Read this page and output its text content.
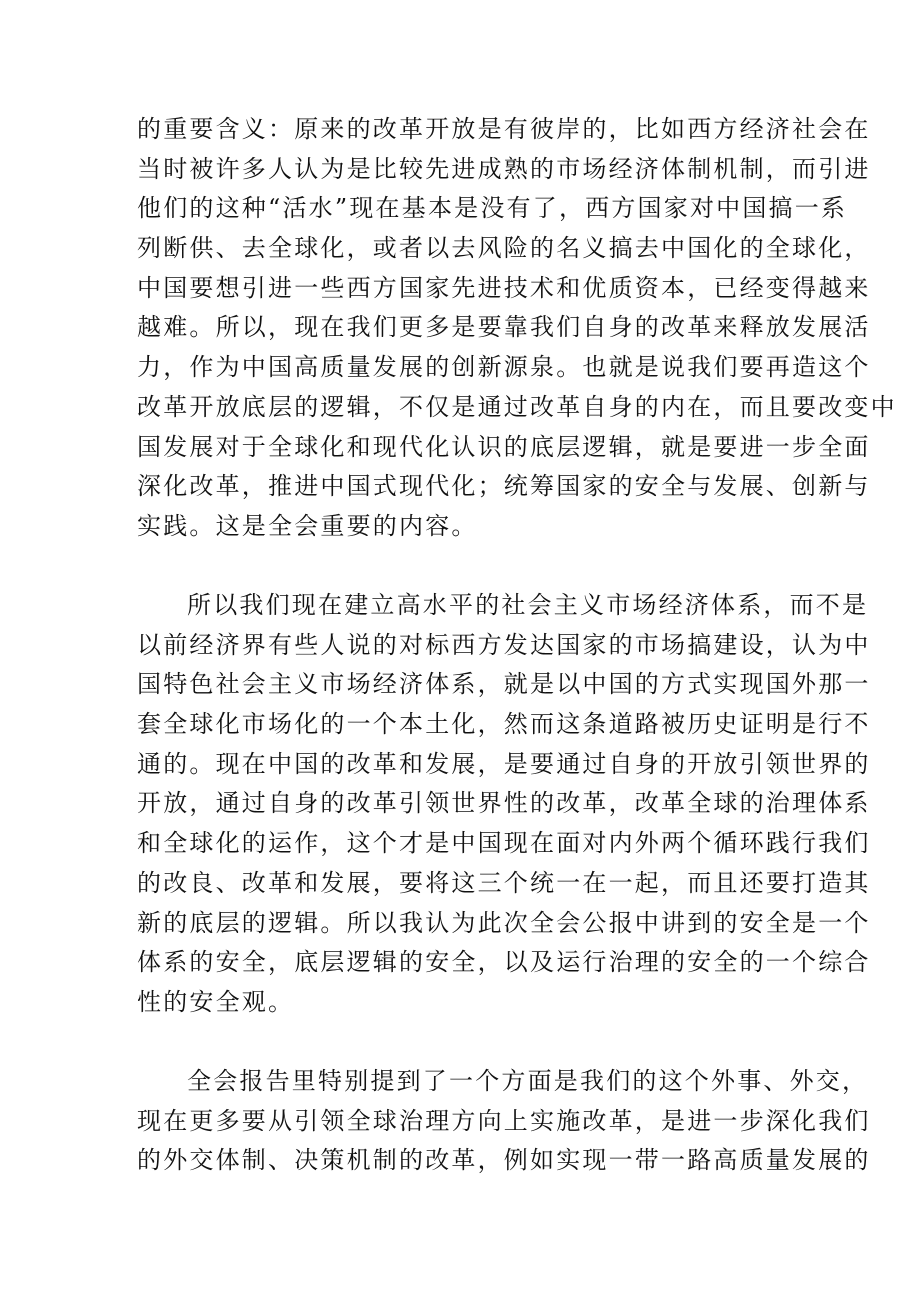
的重要含义：原来的改革开放是有彼岸的，比如西方经济社会在
当时被许多人认为是比较先进成熟的市场经济体制机制，而引进
他们的这种“活水”现在基本是没有了，西方国家对中国搞一系
列断供、去全球化，或者以去风险的名义搞去中国化的全球化，
中国要想引进一些西方国家先进技术和优质资本，已经变得越来
越难。所以，现在我们更多是要靠我们自身的改革来释放发展活
力，作为中国高质量发展的创新源泉。也就是说我们要再造这个
改革开放底层的逻辑，不仅是通过改革自身的内在，而且要改变中
国发展对于全球化和现代化认识的底层逻辑，就是要进一步全面
深化改革，推进中国式现代化；统筹国家的安全与发展、创新与
实践。这是全会重要的内容。
所以我们现在建立高水平的社会主义市场经济体系，而不是
以前经济界有些人说的对标西方发达国家的市场搞建设，认为中
国特色社会主义市场经济体系，就是以中国的方式实现国外那一
套全球化市场化的一个本土化，然而这条道路被历史证明是行不
通的。现在中国的改革和发展，是要通过自身的开放引领世界的
开放，通过自身的改革引领世界性的改革，改革全球的治理体系
和全球化的运作，这个才是中国现在面对内外两个循环践行我们
的改良、改革和发展，要将这三个统一在一起，而且还要打造其
新的底层的逻辑。所以我认为此次全会公报中讲到的安全是一个
体系的安全，底层逻辑的安全，以及运行治理的安全的一个综合
性的安全观。
全会报告里特别提到了一个方面是我们的这个外事、外交，
现在更多要从引领全球治理方向上实施改革，是进一步深化我们
的外交体制、决策机制的改革，例如实现一带一路高质量发展的
